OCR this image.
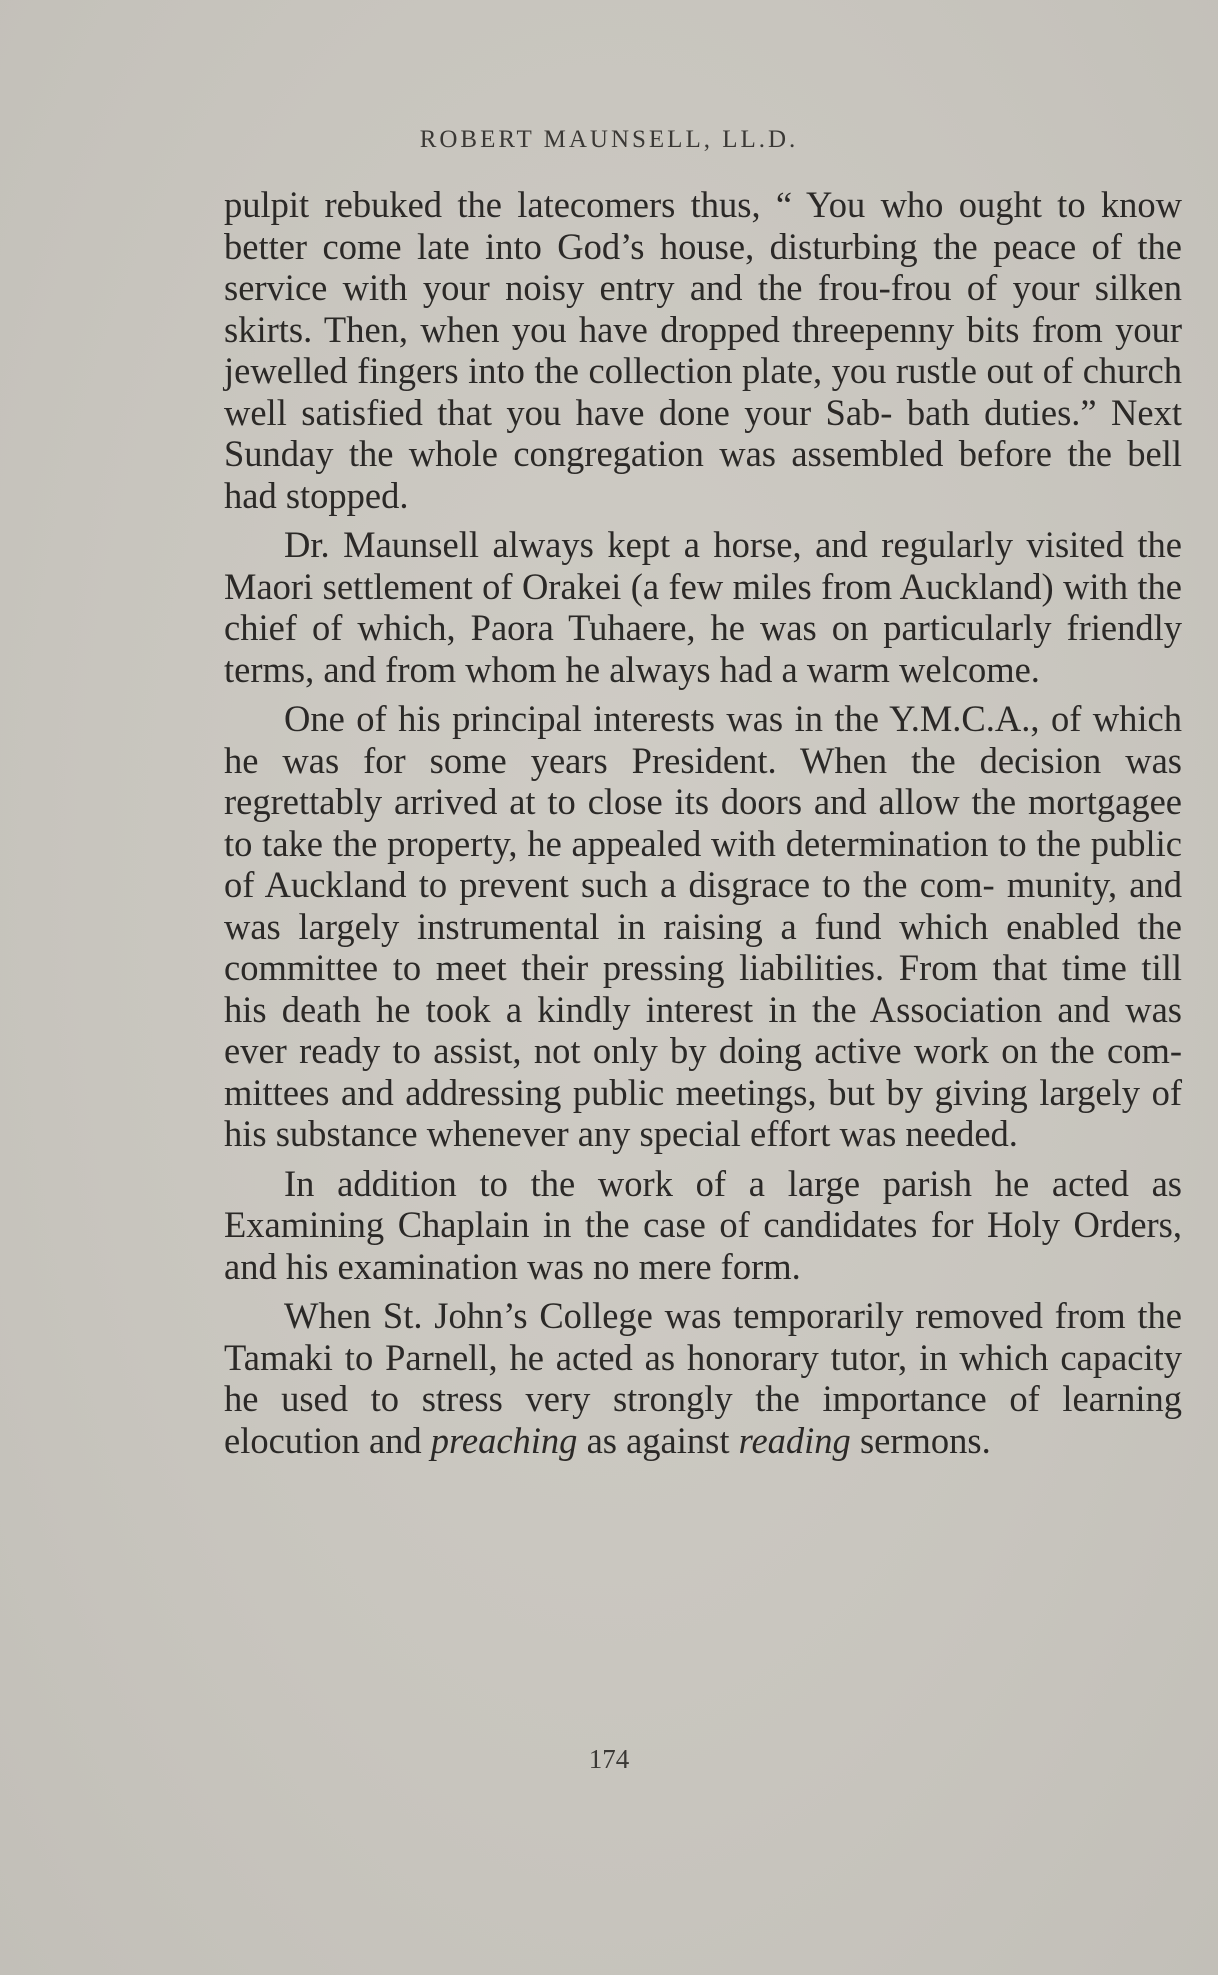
ROBERT MAUNSELL, LL.D.

pulpit rebuked the latecomers thus, “ You who ought to know better come late into God’s house, disturbing the peace of the service with your noisy entry and the frou-frou of your silken skirts. Then, when you have dropped threepenny bits from your jewelled fingers into the collection plate, you rustle out of church well satisfied that you have done your Sab- bath duties.” Next Sunday the whole congregation was assembled before the bell had stopped.

Dr. Maunsell always kept a horse, and regularly visited the Maori settlement of Orakei (a few miles from Auckland) with the chief of which, Paora Tuhaere, he was on particularly friendly terms, and from whom he always had a warm welcome.

One of his principal interests was in the Y.M.C.A., of which he was for some years President. When the decision was regrettably arrived at to close its doors and allow the mortgagee to take the property, he appealed with determination to the public of Auckland to prevent such a disgrace to the com- munity, and was largely instrumental in raising a fund which enabled the committee to meet their pressing liabilities. From that time till his death he took a kindly interest in the Association and was ever ready to assist, not only by doing active work on the com- mittees and addressing public meetings, but by giving largely of his substance whenever any special effort was needed.

In addition to the work of a large parish he acted as Examining Chaplain in the case of candidates for Holy Orders, and his examination was no mere form.

When St. John’s College was temporarily removed from the Tamaki to Parnell, he acted as honorary tutor, in which capacity he used to stress very strongly the importance of learning elocution and preaching as against reading sermons.

174
